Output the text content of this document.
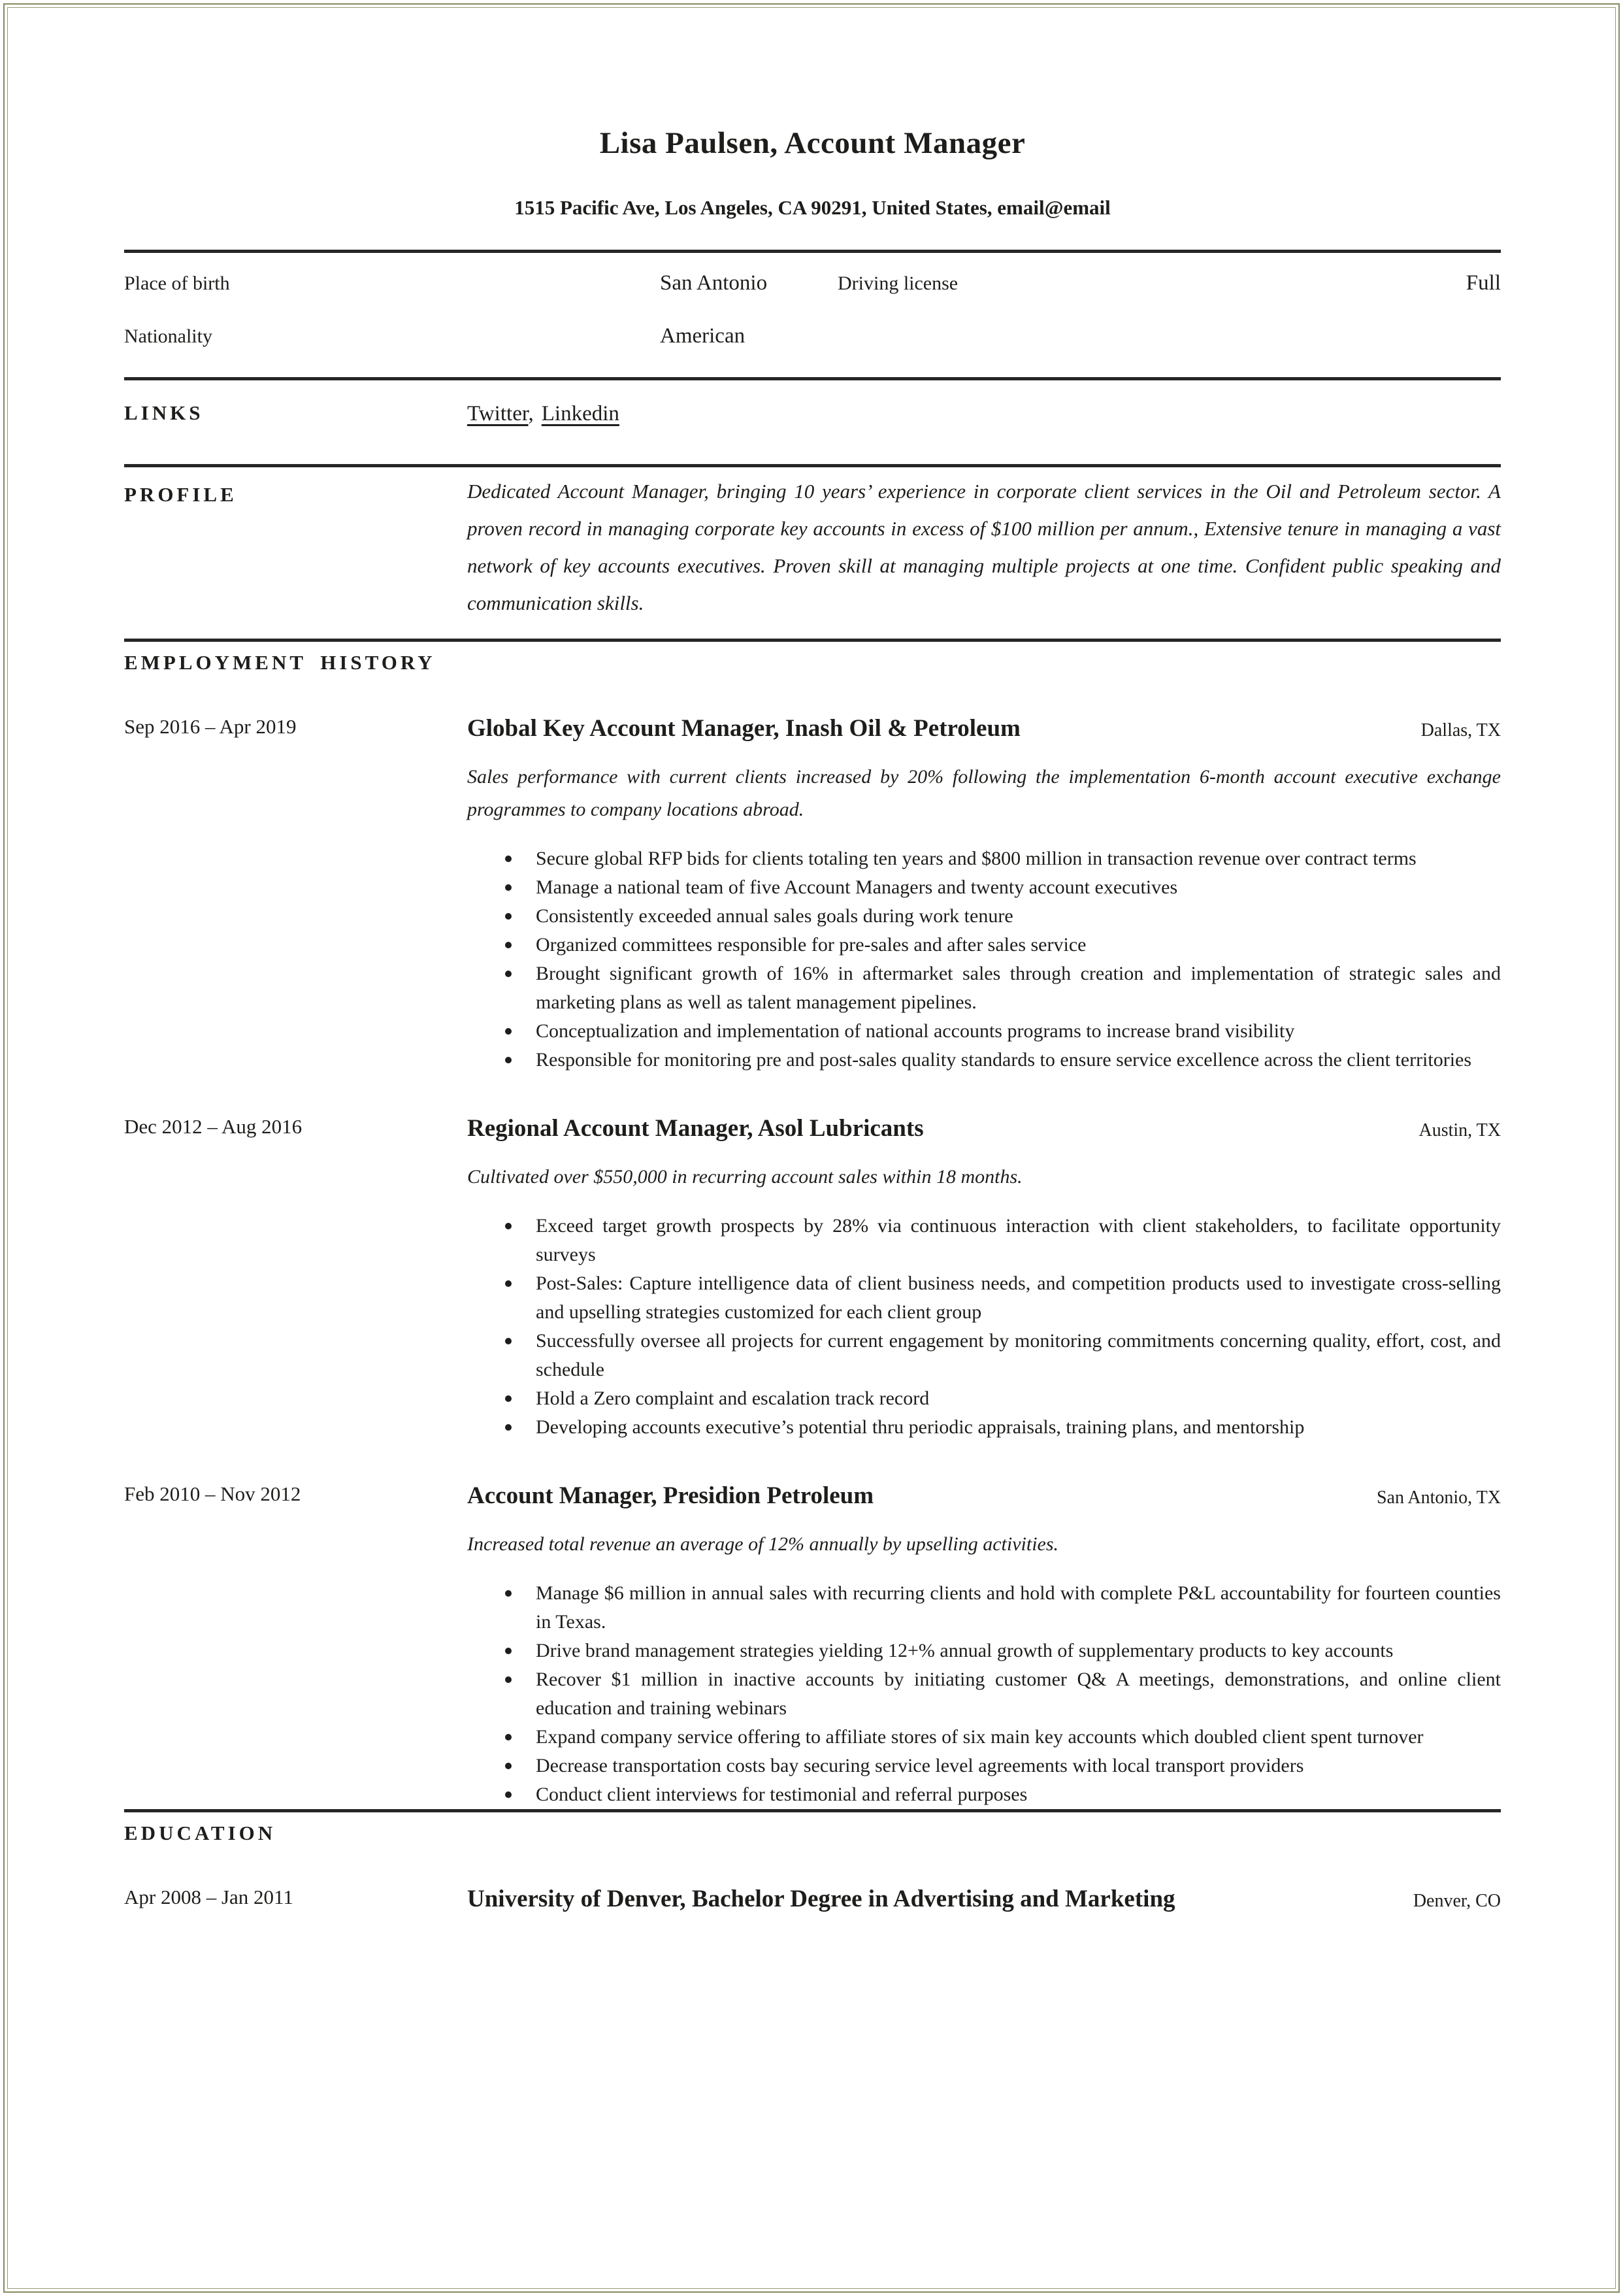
Lisa Paulsen, Account Manager
1515 Pacific Ave, Los Angeles, CA 90291, United States, email@email
Place of birth	San Antonio	Driving license	Full
Nationality	American
LINKS	Twitter, Linkedin
PROFILE	Dedicated Account Manager, bringing 10 years’ experience in corporate client services in the Oil and Petroleum sector. A proven record in managing corporate key accounts in excess of $100 million per annum., Extensive tenure in managing a vast network of key accounts executives. Proven skill at managing multiple projects at one time. Confident public speaking and communication skills.

EMPLOYMENT HISTORY
Sep 2016 – Apr 2019	Global Key Account Manager, Inash Oil & Petroleum	Dallas, TX

Sales performance with current clients increased by 20% following the implementation 6-month account executive exchange programmes to company locations abroad.

Secure global RFP bids for clients totaling ten years and $800 million in transaction revenue over contract terms
Manage a national team of five Account Managers and twenty account executives
Consistently exceeded annual sales goals during work tenure
Organized committees responsible for pre-sales and after sales service
Brought significant growth of 16% in aftermarket sales through creation and implementation of strategic sales and marketing plans as well as talent management pipelines.
Conceptualization and implementation of national accounts programs to increase brand visibility
Responsible for monitoring pre and post-sales quality standards to ensure service excellence across the client territories
Dec 2012 – Aug 2016	Regional Account Manager, Asol Lubricants	Austin, TX

Cultivated over $550,000 in recurring account sales within 18 months.

Exceed target growth prospects by 28% via continuous interaction with client stakeholders, to facilitate opportunity surveys
Post-Sales: Capture intelligence data of client business needs, and competition products used to investigate cross-selling and upselling strategies customized for each client group
Successfully oversee all projects for current engagement by monitoring commitments concerning quality, effort, cost, and schedule
Hold a Zero complaint and escalation track record
Developing accounts executive’s potential thru periodic appraisals, training plans, and mentorship
Feb 2010 – Nov 2012	Account Manager, Presidion Petroleum	San Antonio, TX

Increased total revenue an average of 12% annually by upselling activities.

Manage $6 million in annual sales with recurring clients and hold with complete P&L accountability for fourteen counties in Texas.
Drive brand management strategies yielding 12+% annual growth of supplementary products to key accounts
Recover $1 million in inactive accounts by initiating customer Q& A meetings, demonstrations, and online client education and training webinars
Expand company service offering to affiliate stores of six main key accounts which doubled client spent turnover
Decrease transportation costs bay securing service level agreements with local transport providers
Conduct client interviews for testimonial and referral purposes
EDUCATION
Apr 2008 – Jan 2011	University of Denver, Bachelor Degree in Advertising and Marketing	Denver, CO
